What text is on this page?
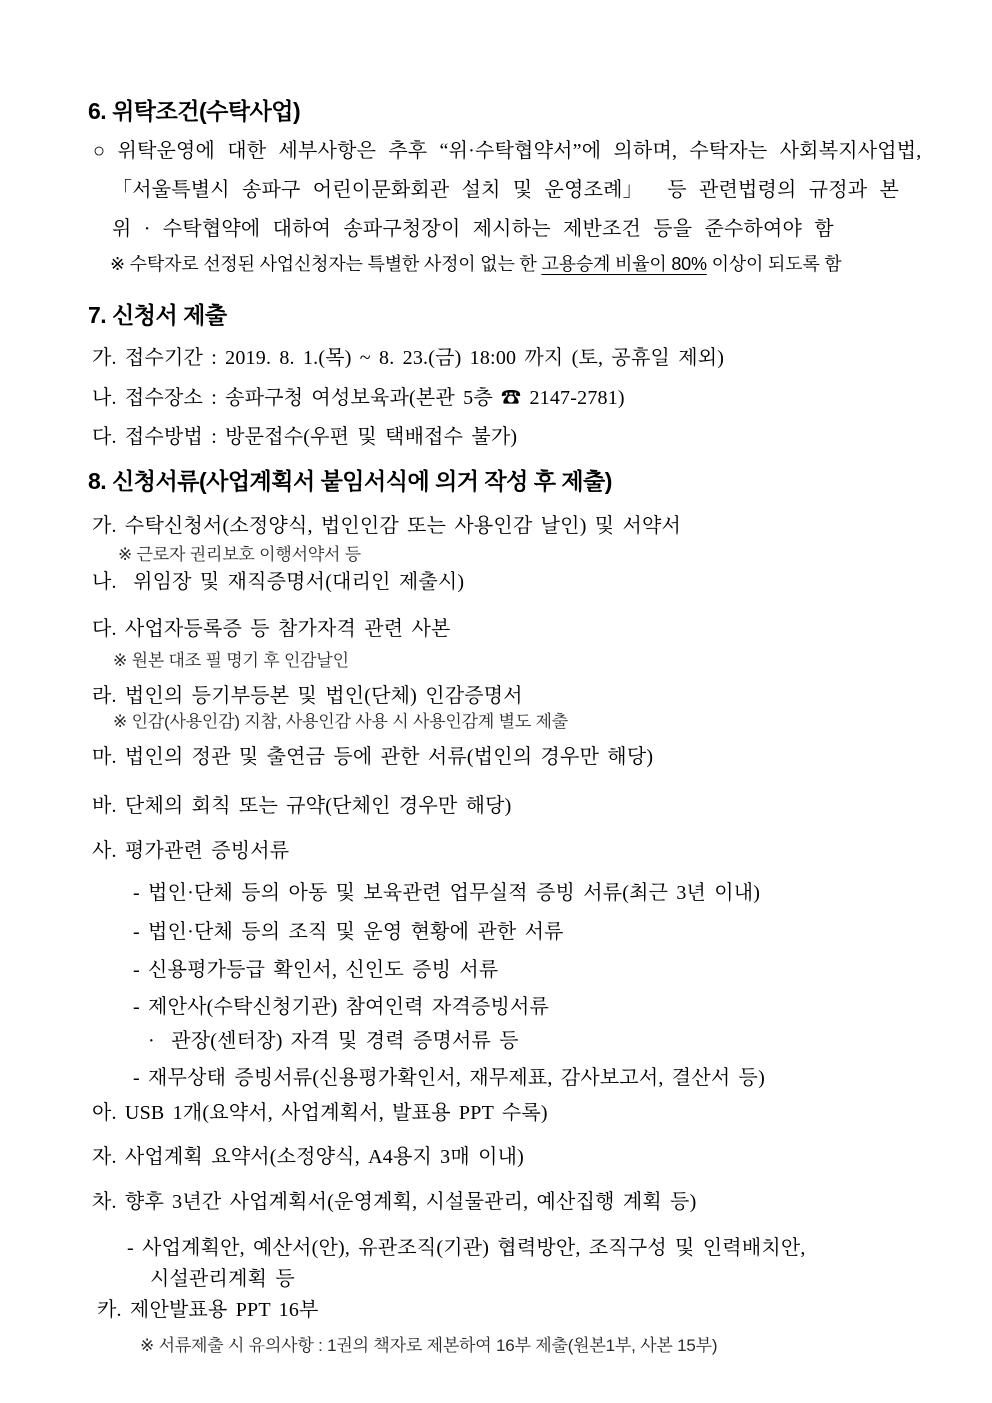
6. 위탁조건(수탁사업)
○ 위탁운영에 대한 세부사항은 추후 “위·수탁협약서”에 의하며, 수탁자는 사회복지사업법,
「서울특별시 송파구 어린이문화회관 설치 및 운영조례」  등 관련법령의 규정과 본
위 · 수탁협약에 대하여 송파구청장이 제시하는 제반조건 등을 준수하여야 함
※ 수탁자로 선정된 사업신청자는 특별한 사정이 없는 한 고용승계 비율이 80% 이상이 되도록 함
7. 신청서 제출
가. 접수기간 : 2019. 8. 1.(목) ~ 8. 23.(금) 18:00 까지 (토, 공휴일 제외)
나. 접수장소 : 송파구청 여성보육과(본관 5층 ☎ 2147-2781)
다. 접수방법 : 방문접수(우편 및 택배접수 불가)
8. 신청서류(사업계획서 붙임서식에 의거 작성 후 제출)
가. 수탁신청서(소정양식, 법인인감 또는 사용인감 날인) 및 서약서
※ 근로자 권리보호 이행서약서 등
나.  위임장 및 재직증명서(대리인 제출시)
다. 사업자등록증 등 참가자격 관련 사본
※ 원본 대조 필 명기 후 인감날인
라. 법인의 등기부등본 및 법인(단체) 인감증명서
※ 인감(사용인감) 지참, 사용인감 사용 시 사용인감계 별도 제출
마. 법인의 정관 및 출연금 등에 관한 서류(법인의 경우만 해당)
바. 단체의 회칙 또는 규약(단체인 경우만 해당)
사. 평가관련 증빙서류
- 법인·단체 등의 아동 및 보육관련 업무실적 증빙 서류(최근 3년 이내)
- 법인·단체 등의 조직 및 운영 현황에 관한 서류
- 신용평가등급 확인서, 신인도 증빙 서류
- 제안사(수탁신청기관) 참여인력 자격증빙서류
·  관장(센터장) 자격 및 경력 증명서류 등
- 재무상태 증빙서류(신용평가확인서, 재무제표, 감사보고서, 결산서 등)
아. USB 1개(요약서, 사업계획서, 발표용 PPT 수록)
자. 사업계획 요약서(소정양식, A4용지 3매 이내)
차. 향후 3년간 사업계획서(운영계획, 시설물관리, 예산집행 계획 등)
- 사업계획안, 예산서(안), 유관조직(기관) 협력방안, 조직구성 및 인력배치안,
시설관리계획 등
카. 제안발표용 PPT 16부
※ 서류제출 시 유의사항 : 1권의 책자로 제본하여 16부 제출(원본1부, 사본 15부)
